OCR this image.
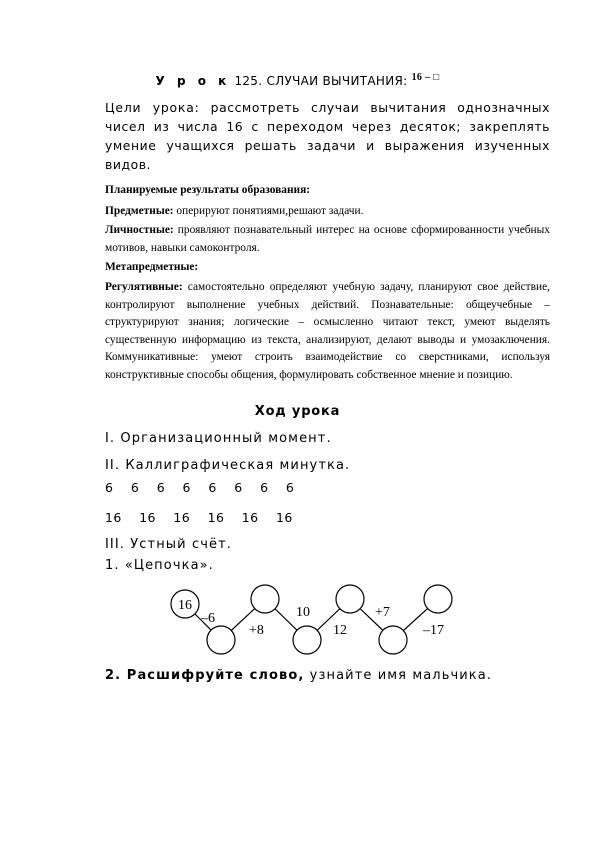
У р о к 125. СЛУЧАИ ВЫЧИТАНИЯ: $^{16 - □}$

Цели урока: рассмотреть случаи вычитания однозначных чисел из числа 16 с переходом через десяток; закреплять умение учащихся решать задачи и выражения изученных видов.

Планируемые результаты образования:

Предметные: оперируют понятиями,решают задачи.

Личностные: проявляют познавательный интерес на основе сформированности учебных мотивов, навыки самоконтроля.

Метапредметные:

Регулятивные: самостоятельно определяют учебную задачу, планируют свое действие, контролируют выполнение учебных действий. Познавательные: общеучебные – структурируют знания; логические – осмысленно читают текст, умеют выделять существенную информацию из текста, анализируют, делают выводы и умозаключения. Коммуникативные: умеют строить взаимодействие со сверстниками, используя конструктивные способы общения, формулировать собственное мнение и позицию.

Ход урока

I. Организационный момент.

II. Каллиграфическая минутка.

6    6    6    6    6    6    6    6

16    16    16    16    16    16

III. Устный счёт.

1. «Цепочка».

16
–6
+8
10
12
+7
–17

2. Расшифруйте слово, узнайте имя мальчика.
